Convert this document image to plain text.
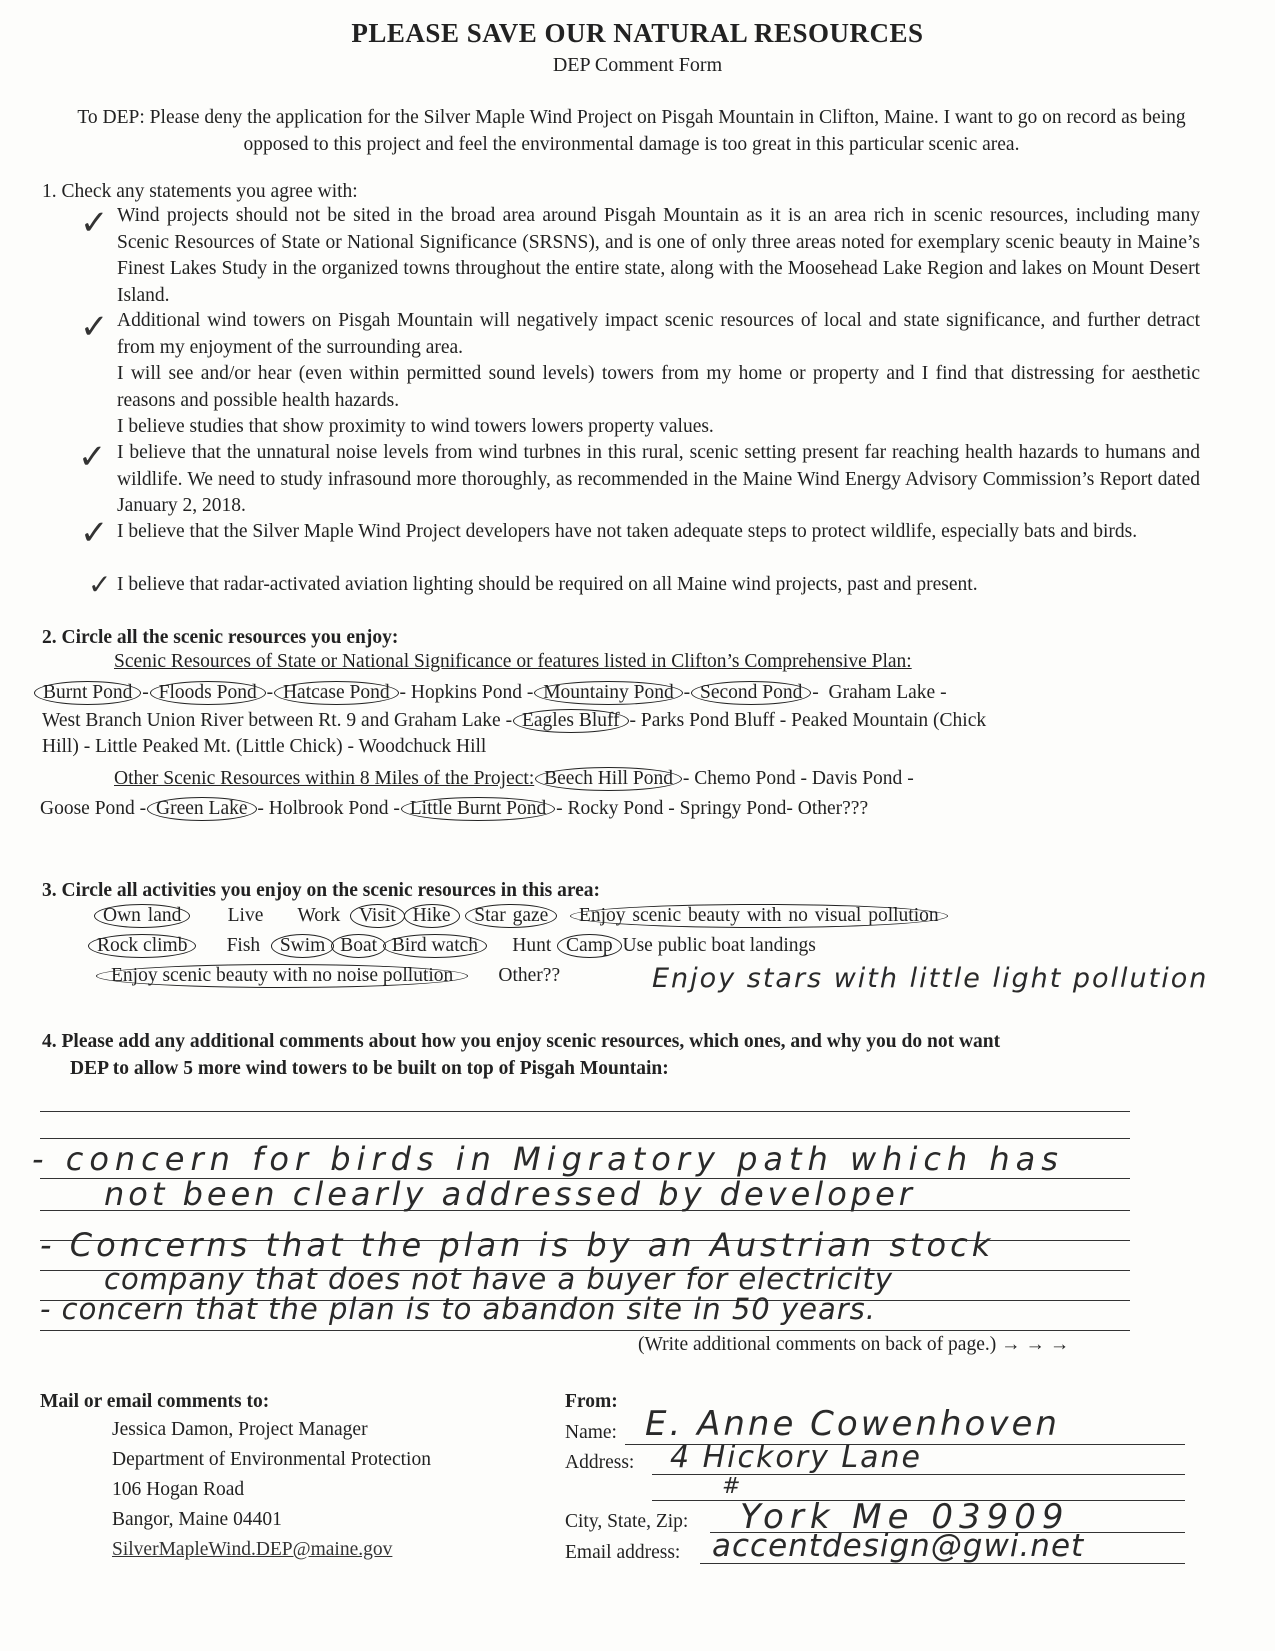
PLEASE SAVE OUR NATURAL RESOURCES
DEP Comment Form
To DEP: Please deny the application for the Silver Maple Wind Project on Pisgah Mountain in Clifton, Maine. I want to go on record as being opposed to this project and feel the environmental damage is too great in this particular scenic area.
1. Check any statements you agree with:
✓ Wind projects should not be sited in the broad area around Pisgah Mountain as it is an area rich in scenic resources, including many Scenic Resources of State or National Significance (SRSNS), and is one of only three areas noted for exemplary scenic beauty in Maine’s Finest Lakes Study in the organized towns throughout the entire state, along with the Moosehead Lake Region and lakes on Mount Desert Island.
✓ Additional wind towers on Pisgah Mountain will negatively impact scenic resources of local and state significance, and further detract from my enjoyment of the surrounding area.
I will see and/or hear (even within permitted sound levels) towers from my home or property and I find that distressing for aesthetic reasons and possible health hazards.
I believe studies that show proximity to wind towers lowers property values.
✓ I believe that the unnatural noise levels from wind turbnes in this rural, scenic setting present far reaching health hazards to humans and wildlife. We need to study infrasound more thoroughly, as recommended in the Maine Wind Energy Advisory Commission’s Report dated January 2, 2018.
✓ I believe that the Silver Maple Wind Project developers have not taken adequate steps to protect wildlife, especially bats and birds.
✓ I believe that radar-activated aviation lighting should be required on all Maine wind projects, past and present.
2. Circle all the scenic resources you enjoy:
Scenic Resources of State or National Significance or features listed in Clifton’s Comprehensive Plan:
Burnt Pond - Floods Pond - Hatcase Pond - Hopkins Pond - Mountainy Pond - Second Pond - Graham Lake -
West Branch Union River between Rt. 9 and Graham Lake - Eagles Bluff - Parks Pond Bluff - Peaked Mountain (Chick
Hill) - Little Peaked Mt. (Little Chick) - Woodchuck Hill
Other Scenic Resources within 8 Miles of the Project: Beech Hill Pond - Chemo Pond - Davis Pond -
Goose Pond - Green Lake - Holbrook Pond - Little Burnt Pond - Rocky Pond - Springy Pond- Other???
3. Circle all activities you enjoy on the scenic resources in this area:
Own land Live Work Visit Hike Star gaze Enjoy scenic beauty with no visual pollution
Rock climb Fish Swim Boat Bird watch Hunt Camp Use public boat landings
Enjoy scenic beauty with no noise pollution Other??	Enjoy stars with little light pollution
4. Please add any additional comments about how you enjoy scenic resources, which ones, and why you do not want
DEP to allow 5 more wind towers to be built on top of Pisgah Mountain:
- concern for birds in Migratory path which has
not been clearly addressed by developer
- Concerns that the plan is by an Austrian stock
company that does not have a buyer for electricity
- concern that the plan is to abandon site in 50 years.
(Write additional comments on back of page.) → → →
Mail or email comments to:
Jessica Damon, Project Manager
Department of Environmental Protection
106 Hogan Road
Bangor, Maine 04401
SilverMapleWind.DEP@maine.gov
From:
Name: E. Anne Cowenhoven
Address: 4 Hickory Lane
#
City, State, Zip: York Me 03909
Email address: accentdesign@gwi.net
